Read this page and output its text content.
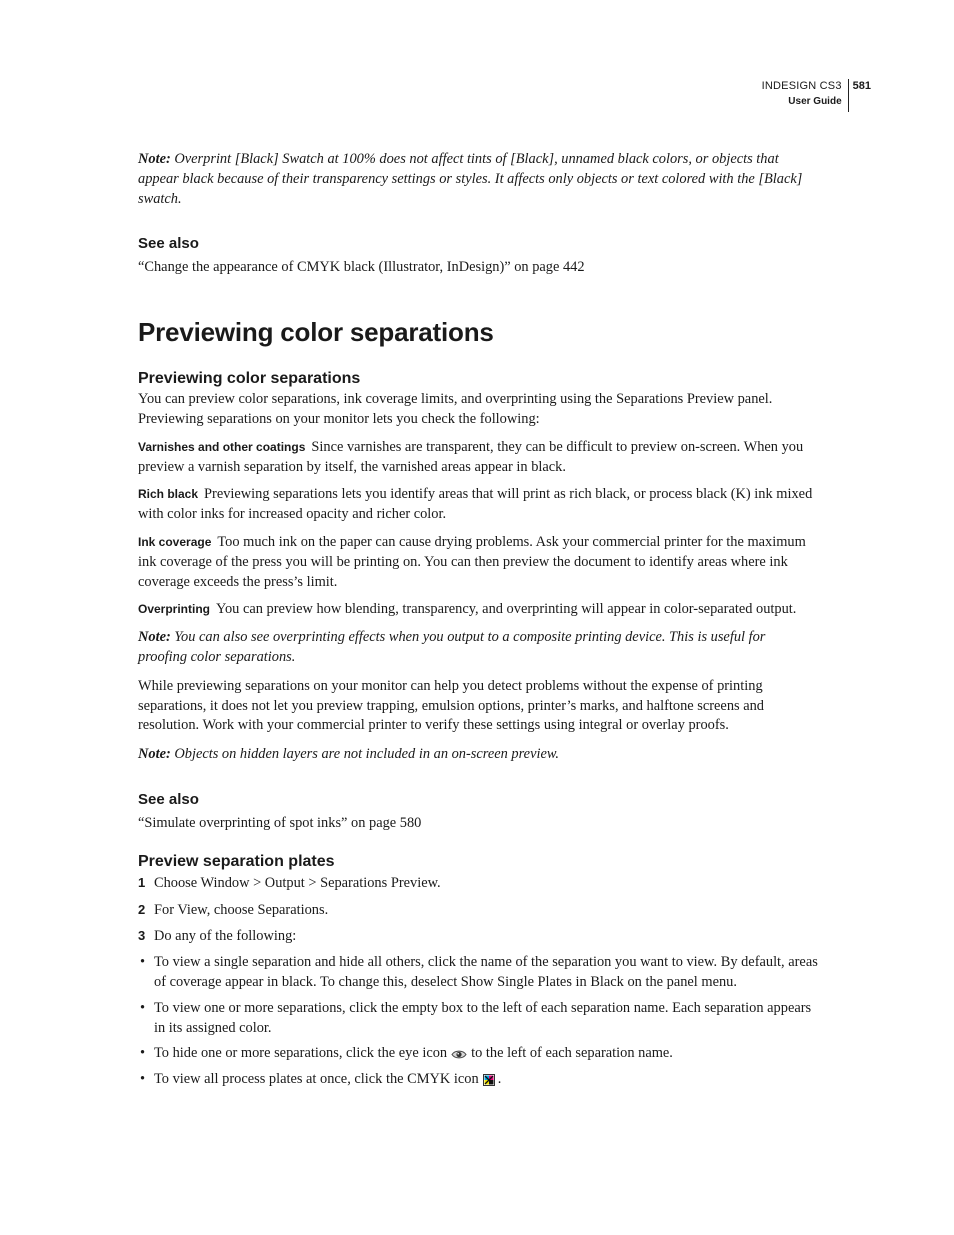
INDESIGN CS3
User Guide
581

Note: Overprint [Black] Swatch at 100% does not affect tints of [Black], unnamed black colors, or objects that appear black because of their transparency settings or styles. It affects only objects or text colored with the [Black] swatch.

See also

“Change the appearance of CMYK black (Illustrator, InDesign)” on page 442

Previewing color separations
Previewing color separations

You can preview color separations, ink coverage limits, and overprinting using the Separations Preview panel. Previewing separations on your monitor lets you check the following:

Varnishes and other coatings Since varnishes are transparent, they can be difficult to preview on-screen. When you preview a varnish separation by itself, the varnished areas appear in black.

Rich black Previewing separations lets you identify areas that will print as rich black, or process black (K) ink mixed with color inks for increased opacity and richer color.

Ink coverage Too much ink on the paper can cause drying problems. Ask your commercial printer for the maximum ink coverage of the press you will be printing on. You can then preview the document to identify areas where ink coverage exceeds the press’s limit.

Overprinting You can preview how blending, transparency, and overprinting will appear in color-separated output.

Note: You can also see overprinting effects when you output to a composite printing device. This is useful for proofing color separations.

While previewing separations on your monitor can help you detect problems without the expense of printing separations, it does not let you preview trapping, emulsion options, printer’s marks, and halftone screens and resolution. Work with your commercial printer to verify these settings using integral or overlay proofs.

Note: Objects on hidden layers are not included in an on-screen preview.

See also

“Simulate overprinting of spot inks” on page 580

Preview separation plates

1 Choose Window > Output > Separations Preview.

2 For View, choose Separations.

3 Do any of the following:

• To view a single separation and hide all others, click the name of the separation you want to view. By default, areas of coverage appear in black. To change this, deselect Show Single Plates in Black on the panel menu.

• To view one or more separations, click the empty box to the left of each separation name. Each separation appears in its assigned color.

• To hide one or more separations, click the eye icon to the left of each separation name.

• To view all process plates at once, click the CMYK icon .
